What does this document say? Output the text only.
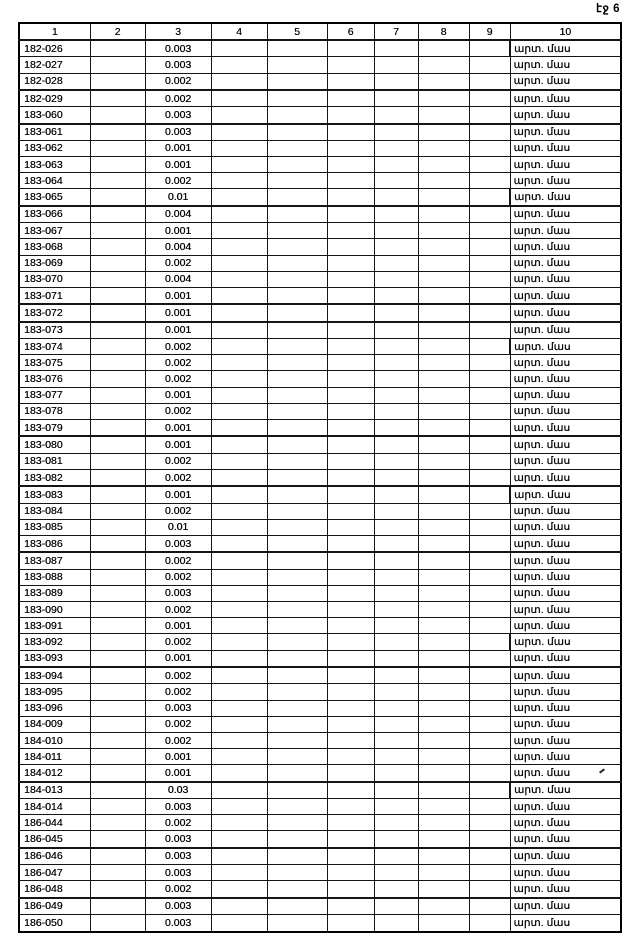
էջ 6
1	2	3	4	5	6	7	8	9	10
182-026		0.003							արտ. մաս
182-027		0.003							արտ. մաս
182-028		0.002							արտ. մաս
182-029		0.002							արտ. մաս
183-060		0.003							արտ. մաս
183-061		0.003							արտ. մաս
183-062		0.001							արտ. մաս
183-063		0.001							արտ. մաս
183-064		0.002							արտ. մաս
183-065		0.01							արտ. մաս
183-066		0.004							արտ. մաս
183-067		0.001							արտ. մաս
183-068		0.004							արտ. մաս
183-069		0.002							արտ. մաս
183-070		0.004							արտ. մաս
183-071		0.001							արտ. մաս
183-072		0.001							արտ. մաս
183-073		0.001							արտ. մաս
183-074		0.002							արտ. մաս
183-075		0.002							արտ. մաս
183-076		0.002							արտ. մաս
183-077		0.001							արտ. մաս
183-078		0.002							արտ. մաս
183-079		0.001							արտ. մաս
183-080		0.001							արտ. մաս
183-081		0.002							արտ. մաս
183-082		0.002							արտ. մաս
183-083		0.001							արտ. մաս
183-084		0.002							արտ. մաս
183-085		0.01							արտ. մաս
183-086		0.003							արտ. մաս
183-087		0.002							արտ. մաս
183-088		0.002							արտ. մաս
183-089		0.003							արտ. մաս
183-090		0.002							արտ. մաս
183-091		0.001							արտ. մաս
183-092		0.002							արտ. մաս
183-093		0.001							արտ. մաս
183-094		0.002							արտ. մաս
183-095		0.002							արտ. մաս
183-096		0.003							արտ. մաս
184-009		0.002							արտ. մաս
184-010		0.002							արտ. մաս
184-011		0.001							արտ. մաս
184-012		0.001							արտ. մաս
184-013		0.03							արտ. մաս
184-014		0.003							արտ. մաս
186-044		0.002							արտ. մաս
186-045		0.003							արտ. մաս
186-046		0.003							արտ. մաս
186-047		0.003							արտ. մաս
186-048		0.002							արտ. մաս
186-049		0.003							արտ. մաս
186-050		0.003							արտ. մաս
